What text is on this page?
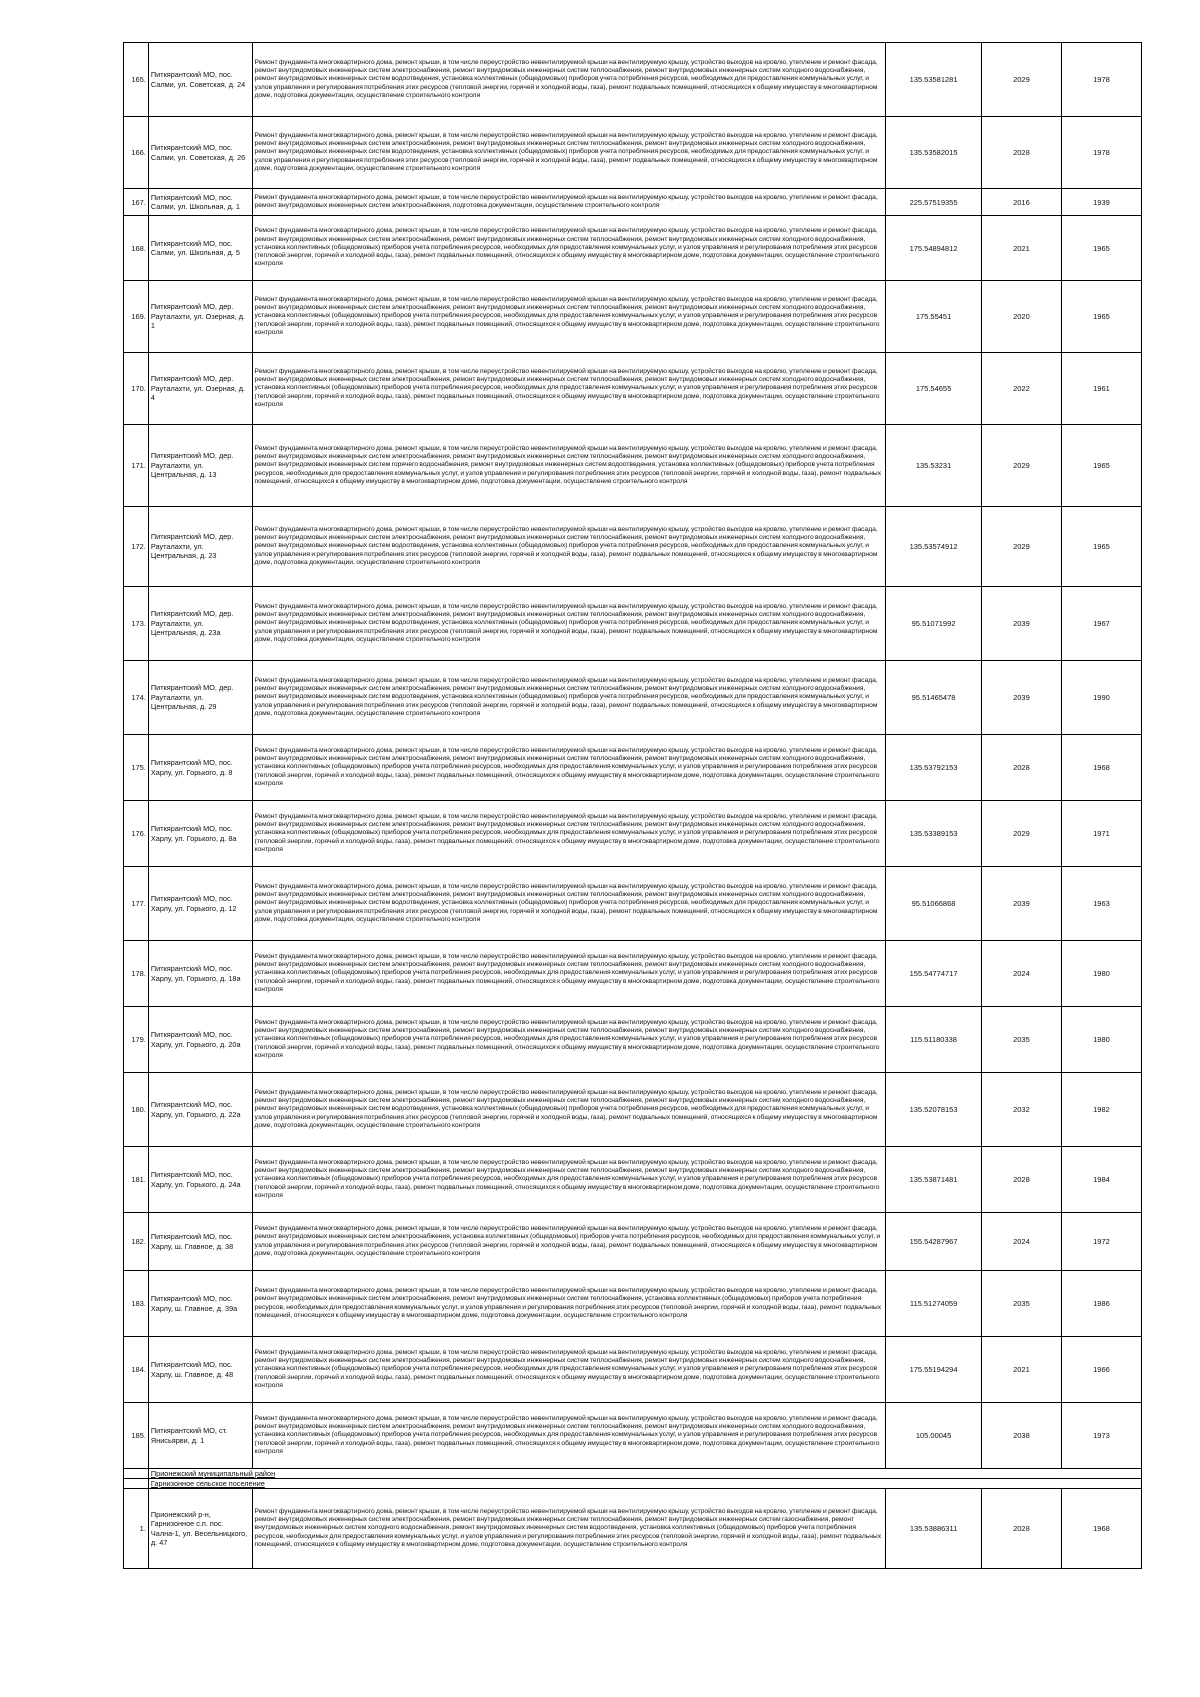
165.	Питкярантский МО, пос. Салми, ул. Советская, д. 24	Ремонт фундамента многоквартирного дома, ремонт крыши, в том числе переустройство невентилируемой крыши на вентилируемую крышу, устройство выходов на кровлю, утепление и ремонт фасада, ремонт внутридомовых инженерных систем электроснабжения, ремонт внутридомовых инженерных систем теплоснабжения, ремонт внутридомовых инженерных систем холодного водоснабжения, ремонт внутридомовых инженерных систем водоотведения, установка коллективных (общедомовых) приборов учета потребления ресурсов, необходимых для предоставления коммунальных услуг, и узлов управления и регулирования потребления этих ресурсов (тепловой энергии, горячей и холодной воды, газа), ремонт подвальных помещений, относящихся к общему имуществу в многоквартирном доме, подготовка документации, осуществление строительного контроля	135.53581281	2029	1978
166.	Питкярантский МО, пос. Салми, ул. Советская, д. 26	Ремонт фундамента многоквартирного дома, ремонт крыши, в том числе переустройство невентилируемой крыши на вентилируемую крышу, устройство выходов на кровлю, утепление и ремонт фасада, ремонт внутридомовых инженерных систем электроснабжения, ремонт внутридомовых инженерных систем теплоснабжения, ремонт внутридомовых инженерных систем холодного водоснабжения, ремонт внутридомовых инженерных систем водоотведения, установка коллективных (общедомовых) приборов учета потребления ресурсов, необходимых для предоставления коммунальных услуг, и узлов управления и регулирования потребления этих ресурсов (тепловой энергии, горячей и холодной воды, газа), ремонт подвальных помещений, относящихся к общему имуществу в многоквартирном доме, подготовка документации, осуществление строительного контроля	135.53582015	2028	1978
167.	Питкярантский МО, пос. Салми, ул. Школьная, д. 1	Ремонт фундамента многоквартирного дома, ремонт крыши, в том числе переустройство невентилируемой крыши на вентилируемую крышу, устройство выходов на кровлю, утепление и ремонт фасада, ремонт внутридомовых инженерных систем электроснабжения, подготовка документации, осуществление строительного контроля	225.57519355	2016	1939
168.	Питкярантский МО, пос. Салми, ул. Школьная, д. 5	Ремонт фундамента многоквартирного дома, ремонт крыши, в том числе переустройство невентилируемой крыши на вентилируемую крышу, устройство выходов на кровлю, утепление и ремонт фасада, ремонт внутридомовых инженерных систем электроснабжения, ремонт внутридомовых инженерных систем теплоснабжения, ремонт внутридомовых инженерных систем холодного водоснабжения, установка коллективных (общедомовых) приборов учета потребления ресурсов, необходимых для предоставления коммунальных услуг, и узлов управления и регулирования потребления этих ресурсов (тепловой энергии, горячей и холодной воды, газа), ремонт подвальных помещений, относящихся к общему имуществу в многоквартирном доме, подготовка документации, осуществление строительного контроля	175.54894812	2021	1965
169.	Питкярантский МО, дер. Рауталахти, ул. Озерная, д. 1	Ремонт фундамента многоквартирного дома, ремонт крыши, в том числе переустройство невентилируемой крыши на вентилируемую крышу, устройство выходов на кровлю, утепление и ремонт фасада, ремонт внутридомовых инженерных систем электроснабжения, ремонт внутридомовых инженерных систем теплоснабжения, ремонт внутридомовых инженерных систем холодного водоснабжения, установка коллективных (общедомовых) приборов учета потребления ресурсов, необходимых для предоставления коммунальных услуг, и узлов управления и регулирования потребления этих ресурсов (тепловой энергии, горячей и холодной воды, газа), ремонт подвальных помещений, относящихся к общему имуществу в многоквартирном доме, подготовка документации, осуществление строительного контроля	175.55451	2020	1965
170.	Питкярантский МО, дер. Рауталахти, ул. Озерная, д. 4	Ремонт фундамента многоквартирного дома, ремонт крыши, в том числе переустройство невентилируемой крыши на вентилируемую крышу, устройство выходов на кровлю, утепление и ремонт фасада, ремонт внутридомовых инженерных систем электроснабжения, ремонт внутридомовых инженерных систем теплоснабжения, ремонт внутридомовых инженерных систем холодного водоснабжения, установка коллективных (общедомовых) приборов учета потребления ресурсов, необходимых для предоставления коммунальных услуг, и узлов управления и регулирования потребления этих ресурсов (тепловой энергии, горячей и холодной воды, газа), ремонт подвальных помещений, относящихся к общему имуществу в многоквартирном доме, подготовка документации, осуществление строительного контроля	175.54655	2022	1961
171.	Питкярантский МО, дер. Рауталахти, ул. Центральная, д. 13	Ремонт фундамента многоквартирного дома, ремонт крыши, в том числе переустройство невентилируемой крыши на вентилируемую крышу, устройство выходов на кровлю, утепление и ремонт фасада, ремонт внутридомовых инженерных систем электроснабжения, ремонт внутридомовых инженерных систем теплоснабжения, ремонт внутридомовых инженерных систем холодного водоснабжения, ремонт внутридомовых инженерных систем горячего водоснабжения, ремонт внутридомовых инженерных систем водоотведения, установка коллективных (общедомовых) приборов учета потребления ресурсов, необходимых для предоставления коммунальных услуг, и узлов управления и регулирования потребления этих ресурсов (тепловой энергии, горячей и холодной воды, газа), ремонт подвальных помещений, относящихся к общему имуществу в многоквартирном доме, подготовка документации, осуществление строительного контроля	135.53231	2029	1965
172.	Питкярантский МО, дер. Рауталахти, ул. Центральная, д. 23	Ремонт фундамента многоквартирного дома, ремонт крыши, в том числе переустройство невентилируемой крыши на вентилируемую крышу, устройство выходов на кровлю, утепление и ремонт фасада, ремонт внутридомовых инженерных систем электроснабжения, ремонт внутридомовых инженерных систем теплоснабжения, ремонт внутридомовых инженерных систем холодного водоснабжения, ремонт внутридомовых инженерных систем водоотведения, установка коллективных (общедомовых) приборов учета потребления ресурсов, необходимых для предоставления коммунальных услуг, и узлов управления и регулирования потребления этих ресурсов (тепловой энергии, горячей и холодной воды, газа), ремонт подвальных помещений, относящихся к общему имуществу в многоквартирном доме, подготовка документации, осуществление строительного контроля	135.53574912	2029	1965
173.	Питкярантский МО, дер. Рауталахти, ул. Центральная, д. 23а	Ремонт фундамента многоквартирного дома, ремонт крыши, в том числе переустройство невентилируемой крыши на вентилируемую крышу, устройство выходов на кровлю, утепление и ремонт фасада, ремонт внутридомовых инженерных систем электроснабжения, ремонт внутридомовых инженерных систем теплоснабжения, ремонт внутридомовых инженерных систем холодного водоснабжения, ремонт внутридомовых инженерных систем водоотведения, установка коллективных (общедомовых) приборов учета потребления ресурсов, необходимых для предоставления коммунальных услуг, и узлов управления и регулирования потребления этих ресурсов (тепловой энергии, горячей и холодной воды, газа), ремонт подвальных помещений, относящихся к общему имуществу в многоквартирном доме, подготовка документации, осуществление строительного контроля	95.51071992	2039	1967
174.	Питкярантский МО, дер. Рауталахти, ул. Центральная, д. 29	Ремонт фундамента многоквартирного дома, ремонт крыши, в том числе переустройство невентилируемой крыши на вентилируемую крышу, устройство выходов на кровлю, утепление и ремонт фасада, ремонт внутридомовых инженерных систем электроснабжения, ремонт внутридомовых инженерных систем теплоснабжения, ремонт внутридомовых инженерных систем холодного водоснабжения, ремонт внутридомовых инженерных систем водоотведения, установка коллективных (общедомовых) приборов учета потребления ресурсов, необходимых для предоставления коммунальных услуг, и узлов управления и регулирования потребления этих ресурсов (тепловой энергии, горячей и холодной воды, газа), ремонт подвальных помещений, относящихся к общему имуществу в многоквартирном доме, подготовка документации, осуществление строительного контроля	95.51465478	2039	1990
175.	Питкярантский МО, пос. Харлу, ул. Горького, д. 8	Ремонт фундамента многоквартирного дома, ремонт крыши, в том числе переустройство невентилируемой крыши на вентилируемую крышу, устройство выходов на кровлю, утепление и ремонт фасада, ремонт внутридомовых инженерных систем электроснабжения, ремонт внутридомовых инженерных систем теплоснабжения, ремонт внутридомовых инженерных систем холодного водоснабжения, установка коллективных (общедомовых) приборов учета потребления ресурсов, необходимых для предоставления коммунальных услуг, и узлов управления и регулирования потребления этих ресурсов (тепловой энергии, горячей и холодной воды, газа), ремонт подвальных помещений, относящихся к общему имуществу в многоквартирном доме, подготовка документации, осуществление строительного контроля	135.53792153	2028	1968
176.	Питкярантский МО, пос. Харлу, ул. Горького, д. 8а	Ремонт фундамента многоквартирного дома, ремонт крыши, в том числе переустройство невентилируемой крыши на вентилируемую крышу, устройство выходов на кровлю, утепление и ремонт фасада, ремонт внутридомовых инженерных систем электроснабжения, ремонт внутридомовых инженерных систем теплоснабжения, ремонт внутридомовых инженерных систем холодного водоснабжения, установка коллективных (общедомовых) приборов учета потребления ресурсов, необходимых для предоставления коммунальных услуг, и узлов управления и регулирования потребления этих ресурсов (тепловой энергии, горячей и холодной воды, газа), ремонт подвальных помещений, относящихся к общему имуществу в многоквартирном доме, подготовка документации, осуществление строительного контроля	135.53389153	2029	1971
177.	Питкярантский МО, пос. Харлу, ул. Горького, д. 12	Ремонт фундамента многоквартирного дома, ремонт крыши, в том числе переустройство невентилируемой крыши на вентилируемую крышу, устройство выходов на кровлю, утепление и ремонт фасада, ремонт внутридомовых инженерных систем электроснабжения, ремонт внутридомовых инженерных систем теплоснабжения, ремонт внутридомовых инженерных систем холодного водоснабжения, ремонт внутридомовых инженерных систем водоотведения, установка коллективных (общедомовых) приборов учета потребления ресурсов, необходимых для предоставления коммунальных услуг, и узлов управления и регулирования потребления этих ресурсов (тепловой энергии, горячей и холодной воды, газа), ремонт подвальных помещений, относящихся к общему имуществу в многоквартирном доме, подготовка документации, осуществление строительного контроля	95.51066868	2039	1963
178.	Питкярантский МО, пос. Харлу, ул. Горького, д. 18а	Ремонт фундамента многоквартирного дома, ремонт крыши, в том числе переустройство невентилируемой крыши на вентилируемую крышу, устройство выходов на кровлю, утепление и ремонт фасада, ремонт внутридомовых инженерных систем электроснабжения, ремонт внутридомовых инженерных систем теплоснабжения, ремонт внутридомовых инженерных систем холодного водоснабжения, установка коллективных (общедомовых) приборов учета потребления ресурсов, необходимых для предоставления коммунальных услуг, и узлов управления и регулирования потребления этих ресурсов (тепловой энергии, горячей и холодной воды, газа), ремонт подвальных помещений, относящихся к общему имуществу в многоквартирном доме, подготовка документации, осуществление строительного контроля	155.54774717	2024	1980
179.	Питкярантский МО, пос. Харлу, ул. Горького, д. 20а	Ремонт фундамента многоквартирного дома, ремонт крыши, в том числе переустройство невентилируемой крыши на вентилируемую крышу, устройство выходов на кровлю, утепление и ремонт фасада, ремонт внутридомовых инженерных систем электроснабжения, ремонт внутридомовых инженерных систем теплоснабжения, ремонт внутридомовых инженерных систем холодного водоснабжения, установка коллективных (общедомовых) приборов учета потребления ресурсов, необходимых для предоставления коммунальных услуг, и узлов управления и регулирования потребления этих ресурсов (тепловой энергии, горячей и холодной воды, газа), ремонт подвальных помещений, относящихся к общему имуществу в многоквартирном доме, подготовка документации, осуществление строительного контроля	115.51180338	2035	1980
180.	Питкярантский МО, пос. Харлу, ул. Горького, д. 22а	Ремонт фундамента многоквартирного дома, ремонт крыши, в том числе переустройство невентилируемой крыши на вентилируемую крышу, устройство выходов на кровлю, утепление и ремонт фасада, ремонт внутридомовых инженерных систем электроснабжения, ремонт внутридомовых инженерных систем теплоснабжения, ремонт внутридомовых инженерных систем холодного водоснабжения, ремонт внутридомовых инженерных систем водоотведения, установка коллективных (общедомовых) приборов учета потребления ресурсов, необходимых для предоставления коммунальных услуг, и узлов управления и регулирования потребления этих ресурсов (тепловой энергии, горячей и холодной воды, газа), ремонт подвальных помещений, относящихся к общему имуществу в многоквартирном доме, подготовка документации, осуществление строительного контроля	135.52078153	2032	1982
181.	Питкярантский МО, пос. Харлу, ул. Горького, д. 24а	Ремонт фундамента многоквартирного дома, ремонт крыши, в том числе переустройство невентилируемой крыши на вентилируемую крышу, устройство выходов на кровлю, утепление и ремонт фасада, ремонт внутридомовых инженерных систем электроснабжения, ремонт внутридомовых инженерных систем теплоснабжения, ремонт внутридомовых инженерных систем холодного водоснабжения, установка коллективных (общедомовых) приборов учета потребления ресурсов, необходимых для предоставления коммунальных услуг, и узлов управления и регулирования потребления этих ресурсов (тепловой энергии, горячей и холодной воды, газа), ремонт подвальных помещений, относящихся к общему имуществу в многоквартирном доме, подготовка документации, осуществление строительного контроля	135.53871481	2028	1984
182.	Питкярантский МО, пос. Харлу, ш. Главное, д. 38	Ремонт фундамента многоквартирного дома, ремонт крыши, в том числе переустройство невентилируемой крыши на вентилируемую крышу, устройство выходов на кровлю, утепление и ремонт фасада, ремонт внутридомовых инженерных систем электроснабжения, установка коллективных (общедомовых) приборов учета потребления ресурсов, необходимых для предоставления коммунальных услуг, и узлов управления и регулирования потребления этих ресурсов (тепловой энергии, горячей и холодной воды, газа), ремонт подвальных помещений, относящихся к общему имуществу в многоквартирном доме, подготовка документации, осуществление строительного контроля	155.54287967	2024	1972
183.	Питкярантский МО, пос. Харлу, ш. Главное, д. 39а	Ремонт фундамента многоквартирного дома, ремонт крыши, в том числе переустройство невентилируемой крыши на вентилируемую крышу, устройство выходов на кровлю, утепление и ремонт фасада, ремонт внутридомовых инженерных систем электроснабжения, ремонт внутридомовых инженерных систем теплоснабжения, установка коллективных (общедомовых) приборов учета потребления ресурсов, необходимых для предоставления коммунальных услуг, и узлов управления и регулирования потребления этих ресурсов (тепловой энергии, горячей и холодной воды, газа), ремонт подвальных помещений, относящихся к общему имуществу в многоквартирном доме, подготовка документации, осуществление строительного контроля	115.51274059	2035	1986
184.	Питкярантский МО, пос. Харлу, ш. Главное, д. 48	Ремонт фундамента многоквартирного дома, ремонт крыши, в том числе переустройство невентилируемой крыши на вентилируемую крышу, устройство выходов на кровлю, утепление и ремонт фасада, ремонт внутридомовых инженерных систем электроснабжения, ремонт внутридомовых инженерных систем теплоснабжения, ремонт внутридомовых инженерных систем холодного водоснабжения, установка коллективных (общедомовых) приборов учета потребления ресурсов, необходимых для предоставления коммунальных услуг, и узлов управления и регулирования потребления этих ресурсов (тепловой энергии, горячей и холодной воды, газа), ремонт подвальных помещений, относящихся к общему имуществу в многоквартирном доме, подготовка документации, осуществление строительного контроля	175.55194294	2021	1966
185.	Питкярантский МО, ст. Янисьярви, д. 1	Ремонт фундамента многоквартирного дома, ремонт крыши, в том числе переустройство невентилируемой крыши на вентилируемую крышу, устройство выходов на кровлю, утепление и ремонт фасада, ремонт внутридомовых инженерных систем электроснабжения, ремонт внутридомовых инженерных систем теплоснабжения, ремонт внутридомовых инженерных систем холодного водоснабжения, установка коллективных (общедомовых) приборов учета потребления ресурсов, необходимых для предоставления коммунальных услуг, и узлов управления и регулирования потребления этих ресурсов (тепловой энергии, горячей и холодной воды, газа), ремонт подвальных помещений, относящихся к общему имуществу в многоквартирном доме, подготовка документации, осуществление строительного контроля	105.00045	2038	1973
	Прионежский муниципальный район				
	Гарнизонное сельское поселение				
1.	Прионежский р-н, Гарнизонное с.п. пос. Чална-1, ул. Весельницкого, д. 47	Ремонт фундамента многоквартирного дома, ремонт крыши, в том числе переустройство невентилируемой крыши на вентилируемую крышу, устройство выходов на кровлю, утепление и ремонт фасада, ремонт внутридомовых инженерных систем электроснабжения, ремонт внутридомовых инженерных систем теплоснабжения, ремонт внутридомовых инженерных систем газоснабжения, ремонт внутридомовых инженерных систем холодного водоснабжения, ремонт внутридомовых инженерных систем водоотведения, установка коллективных (общедомовых) приборов учета потребления ресурсов, необходимых для предоставления коммунальных услуг, и узлов управления и регулирования потребления этих ресурсов (тепловой энергии, горячей и холодной воды, газа), ремонт подвальных помещений, относящихся к общему имуществу в многоквартирном доме, подготовка документации, осуществление строительного контроля	135.53886311	2028	1968
